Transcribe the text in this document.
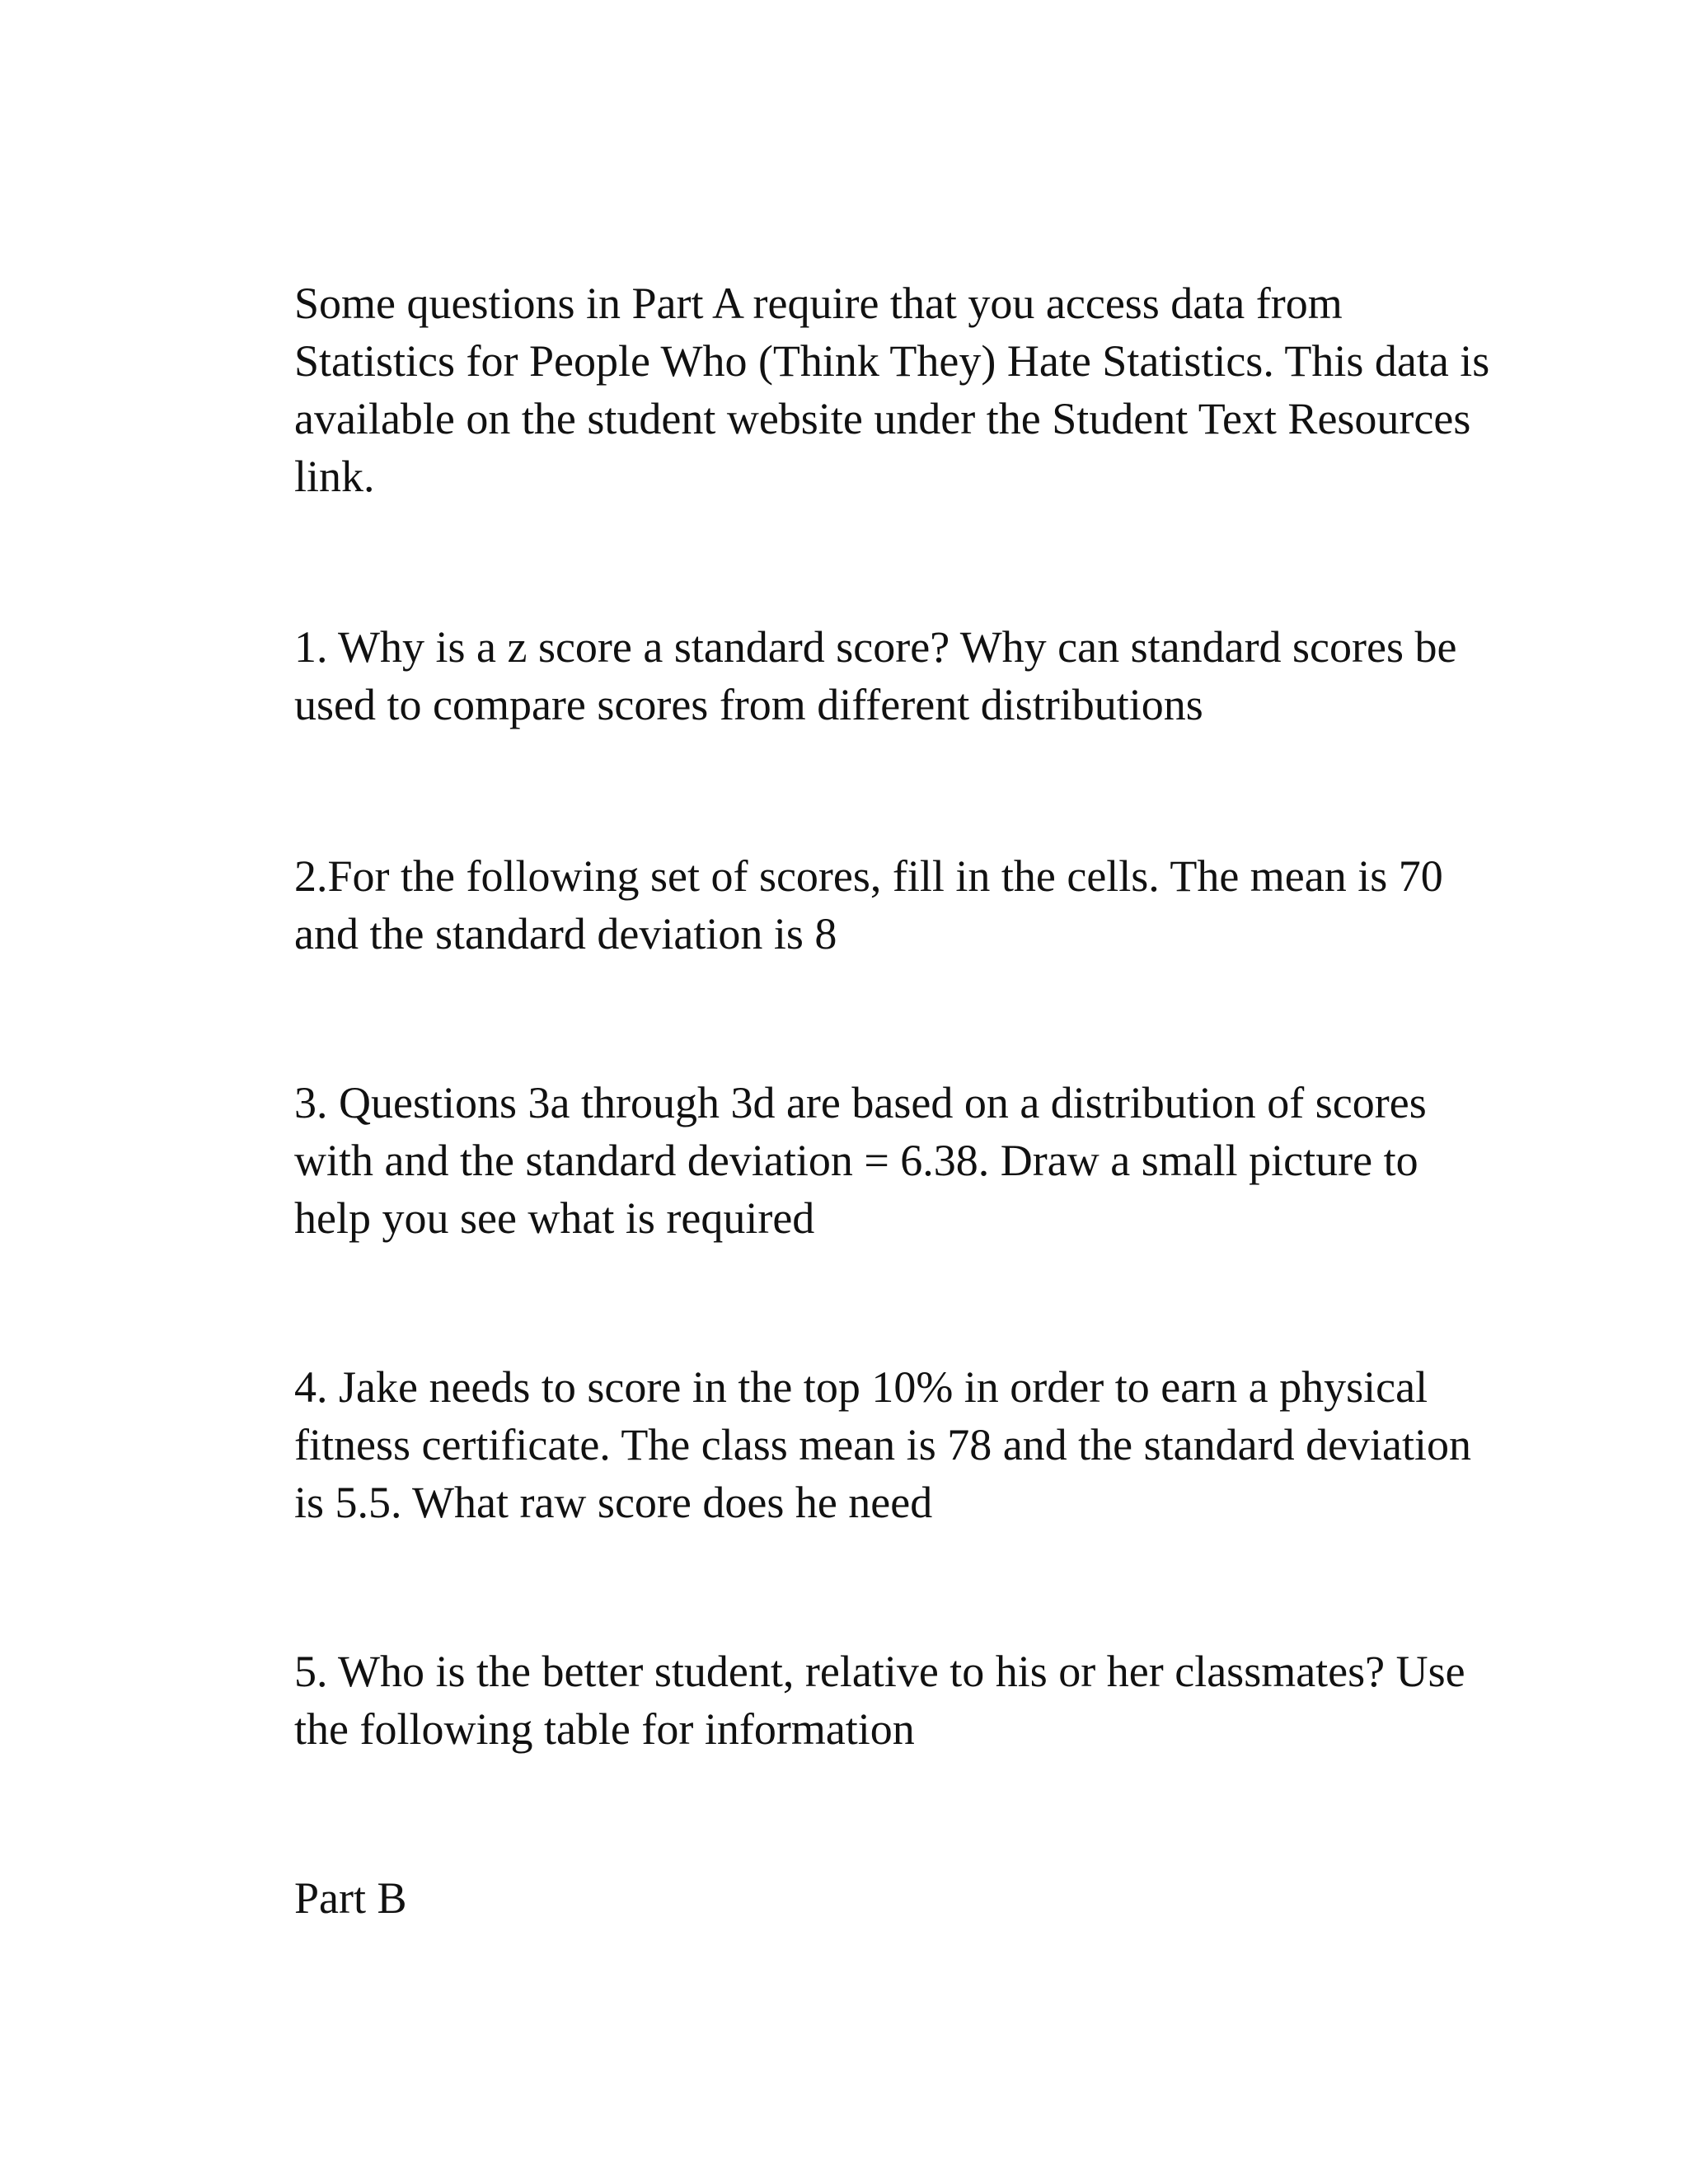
Some questions in Part A require that you access data from
Statistics for People Who (Think They) Hate Statistics. This data is
available on the student website under the Student Text Resources
link.

1. Why is a z score a standard score? Why can standard scores be
used to compare scores from different distributions

2.For the following set of scores, fill in the cells. The mean is 70
and the standard deviation is 8

3. Questions 3a through 3d are based on a distribution of scores
with and the standard deviation = 6.38. Draw a small picture to
help you see what is required

4. Jake needs to score in the top 10% in order to earn a physical
fitness certificate. The class mean is 78 and the standard deviation
is 5.5. What raw score does he need

5. Who is the better student, relative to his or her classmates? Use
the following table for information

Part B
